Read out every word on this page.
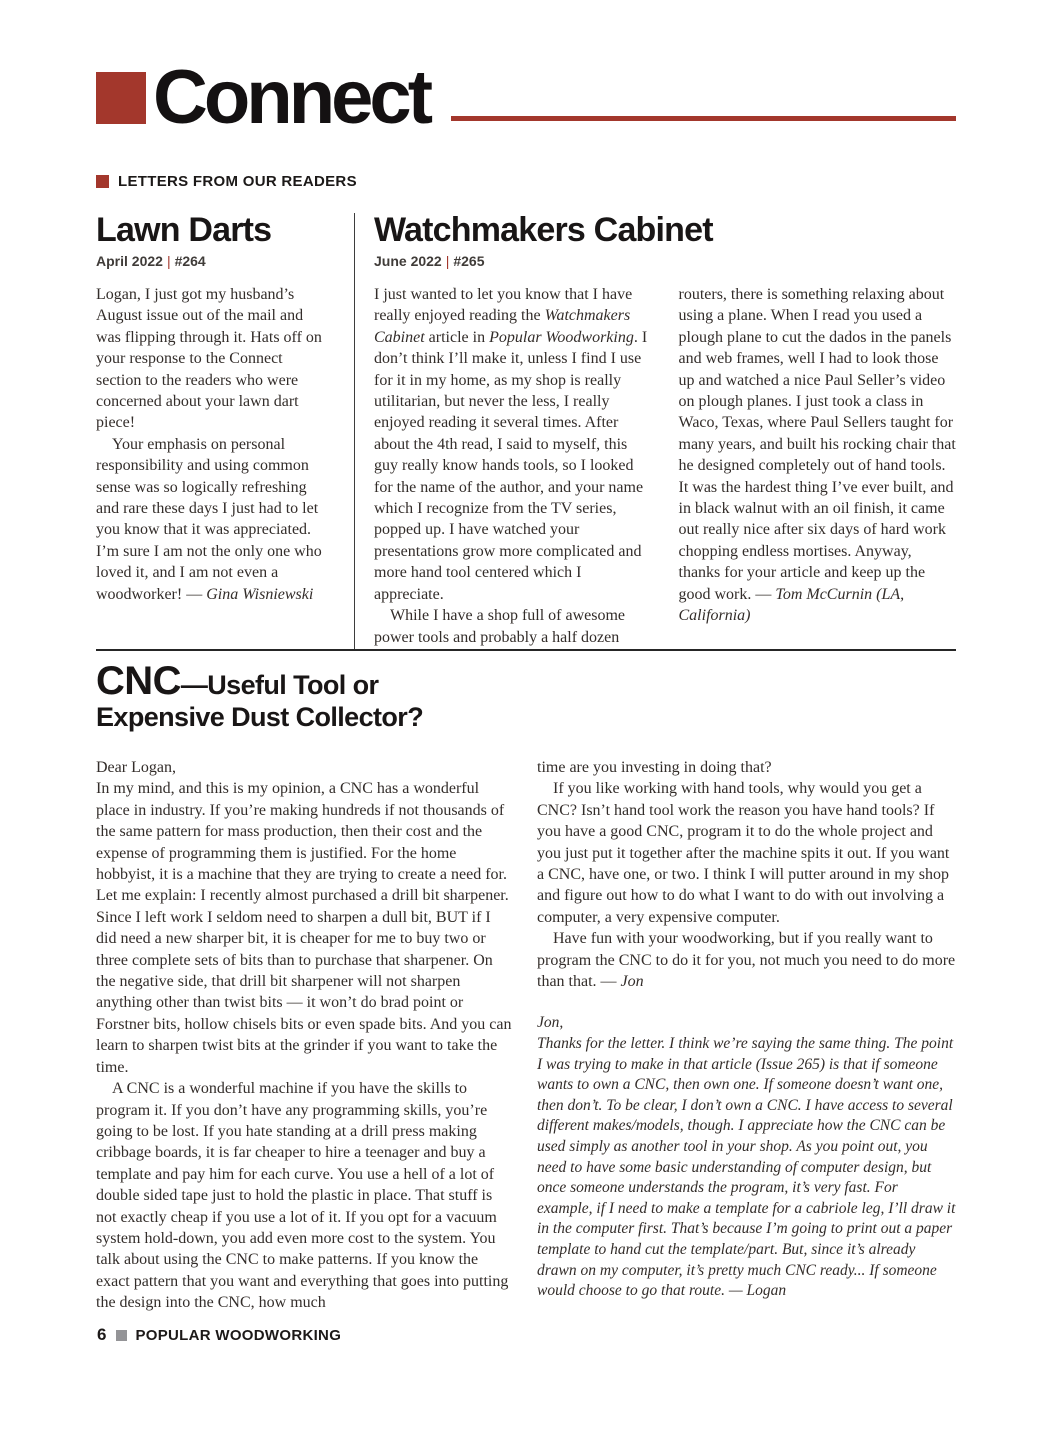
Connect
LETTERS FROM OUR READERS
Lawn Darts
April 2022 | #264

Logan, I just got my husband’s August issue out of the mail and was flipping through it. Hats off on your response to the Connect section to the readers who were concerned about your lawn dart piece!

Your emphasis on personal responsibility and using common sense was so logically refreshing and rare these days I just had to let you know that it was appreciated. I’m sure I am not the only one who loved it, and I am not even a woodworker! — Gina Wisniewski

Watchmakers Cabinet
June 2022 | #265

I just wanted to let you know that I have really enjoyed reading the Watchmakers Cabinet article in Popular Woodworking. I don’t think I’ll make it, unless I find I use for it in my home, as my shop is really utilitarian, but never the less, I really enjoyed reading it several times. After about the 4th read, I said to myself, this guy really know hands tools, so I looked for the name of the author, and your name which I recognize from the TV series, popped up. I have watched your presentations grow more complicated and more hand tool centered which I appreciate.

While I have a shop full of awesome power tools and probably a half dozen

routers, there is something relaxing about using a plane. When I read you used a plough plane to cut the dados in the panels and web frames, well I had to look those up and watched a nice Paul Seller’s video on plough planes. I just took a class in Waco, Texas, where Paul Sellers taught for many years, and built his rocking chair that he designed completely out of hand tools. It was the hardest thing I’ve ever built, and in black walnut with an oil finish, it came out really nice after six days of hard work chopping endless mortises. Anyway, thanks for your article and keep up the good work. — Tom McCurnin (LA, California)

CNC—Useful Tool or
Expensive Dust Collector?

Dear Logan,

In my mind, and this is my opinion, a CNC has a wonderful place in industry. If you’re making hundreds if not thousands of the same pattern for mass production, then their cost and the expense of programming them is justified. For the home hobbyist, it is a machine that they are trying to create a need for. Let me explain: I recently almost purchased a drill bit sharpener. Since I left work I seldom need to sharpen a dull bit, BUT if I did need a new sharper bit, it is cheaper for me to buy two or three complete sets of bits than to purchase that sharpener. On the negative side, that drill bit sharpener will not sharpen anything other than twist bits — it won’t do brad point or Forstner bits, hollow chisels bits or even spade bits. And you can learn to sharpen twist bits at the grinder if you want to take the time.

A CNC is a wonderful machine if you have the skills to program it. If you don’t have any programming skills, you’re going to be lost. If you hate standing at a drill press making cribbage boards, it is far cheaper to hire a teenager and buy a template and pay him for each curve. You use a hell of a lot of double sided tape just to hold the plastic in place. That stuff is not exactly cheap if you use a lot of it. If you opt for a vacuum system hold-down, you add even more cost to the system. You talk about using the CNC to make patterns. If you know the exact pattern that you want and everything that goes into putting the design into the CNC, how much

time are you investing in doing that?

If you like working with hand tools, why would you get a CNC? Isn’t hand tool work the reason you have hand tools? If you have a good CNC, program it to do the whole project and you just put it together after the machine spits it out. If you want a CNC, have one, or two. I think I will putter around in my shop and figure out how to do what I want to do with out involving a computer, a very expensive computer.

Have fun with your woodworking, but if you really want to program the CNC to do it for you, not much you need to do more than that. — Jon

Jon,

Thanks for the letter. I think we’re saying the same thing. The point I was trying to make in that article (Issue 265) is that if someone wants to own a CNC, then own one. If someone doesn’t want one, then don’t. To be clear, I don’t own a CNC. I have access to several different makes/models, though. I appreciate how the CNC can be used simply as another tool in your shop. As you point out, you need to have some basic understanding of computer design, but once someone understands the program, it’s very fast. For example, if I need to make a template for a cabriole leg, I’ll draw it in the computer first. That’s because I’m going to print out a paper template to hand cut the template/part. But, since it’s already drawn on my computer, it’s pretty much CNC ready... If someone would choose to go that route. — Logan

6 POPULAR WOODWORKING
